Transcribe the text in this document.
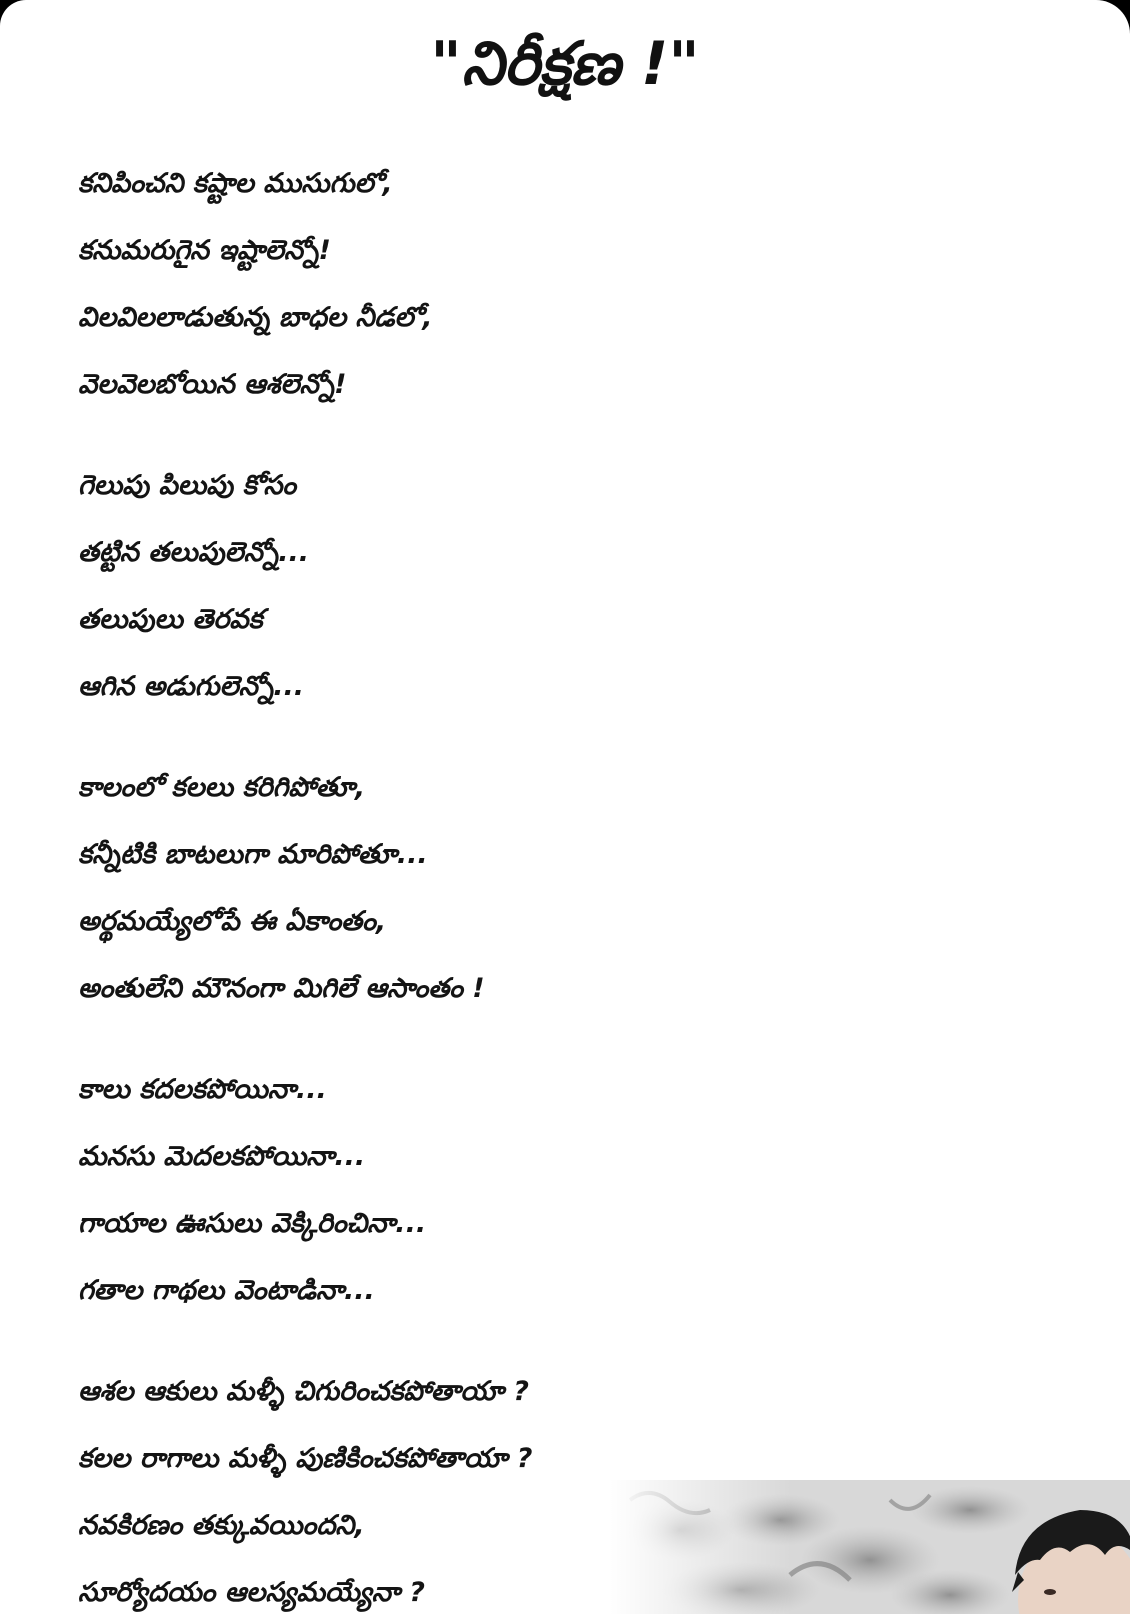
"నిరీక్షణ !"
కనిపించని కష్టాల ముసుగులో,
కనుమరుగైన ఇష్టాలెన్నో!
విలవిలలాడుతున్న బాధల నీడలో,
వెలవెలబోయిన ఆశలెన్నో!
గెలుపు పిలుపు కోసం
తట్టిన తలుపులెన్నో...
తలుపులు తెరవక
ఆగిన అడుగులెన్నో...
కాలంలో కలలు కరిగిపోతూ,
కన్నీటికి బాటలుగా మారిపోతూ...
అర్థమయ్యేలోపే ఈ ఏకాంతం,
అంతులేని మౌనంగా మిగిలే ఆసాంతం !
కాలు కదలకపోయినా...
మనసు మెదలకపోయినా...
గాయాల ఊసులు వెక్కిరించినా...
గతాల గాథలు వెంటాడినా...
ఆశల ఆకులు మళ్ళీ చిగురించకపోతాయా ?
కలల రాగాలు మళ్ళీ పుణికించకపోతాయా ?
నవకిరణం తక్కువయిందని,
సూర్యోదయం ఆలస్యమయ్యేనా ?
